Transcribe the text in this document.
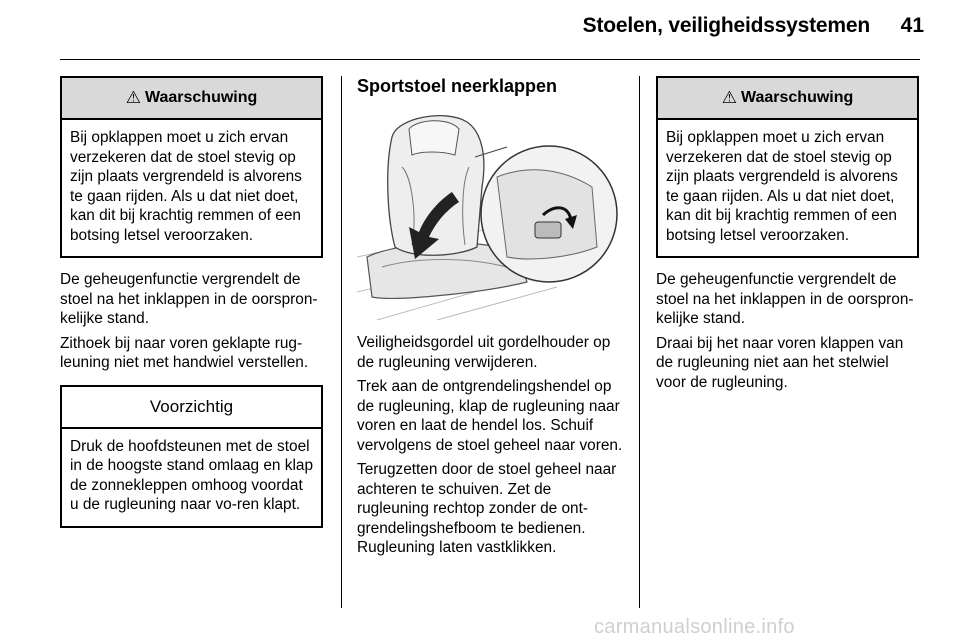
Stoelen, veiligheidssystemen	41
⚠ Waarschuwing
Bij opklappen moet u zich ervan verzekeren dat de stoel stevig op zijn plaats vergrendeld is alvorens te gaan rijden. Als u dat niet doet, kan dit bij krachtig remmen of een botsing letsel veroorzaken.

De geheugenfunctie vergrendelt de stoel na het inklappen in de oorspron-kelijke stand.

Zithoek bij naar voren geklapte rug-leuning niet met handwiel verstellen.

Voorzichtig
Druk de hoofdsteunen met de stoel in de hoogste stand omlaag en klap de zonnekleppen omhoog voordat u de rugleuning naar vo-ren klapt.
Sportstoel neerklappen

Veiligheidsgordel uit gordelhouder op de rugleuning verwijderen.

Trek aan de ontgrendelingshendel op de rugleuning, klap de rugleuning naar voren en laat de hendel los. Schuif vervolgens de stoel geheel naar voren.

Terugzetten door de stoel geheel naar achteren te schuiven. Zet de rugleuning rechtop zonder de ont-grendelingshefboom te bedienen. Rugleuning laten vastklikken.

⚠ Waarschuwing
Bij opklappen moet u zich ervan verzekeren dat de stoel stevig op zijn plaats vergrendeld is alvorens te gaan rijden. Als u dat niet doet, kan dit bij krachtig remmen of een botsing letsel veroorzaken.

De geheugenfunctie vergrendelt de stoel na het inklappen in de oorspron-kelijke stand.

Draai bij het naar voren klappen van de rugleuning niet aan het stelwiel voor de rugleuning.

carmanualsonline.info
